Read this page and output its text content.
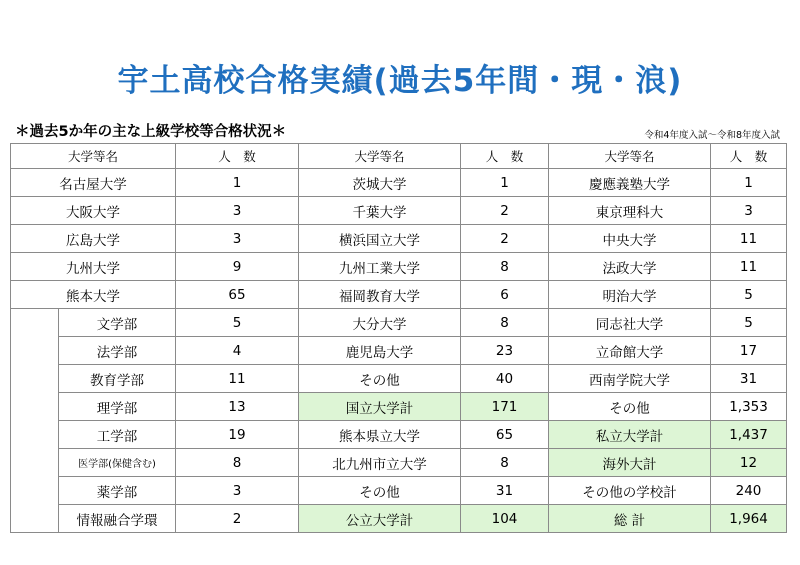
宇土高校合格実績(過去5年間・現・浪)
＊過去5か年の主な上級学校等合格状況＊	令和4年度入試～令和8年度入試
大学等名		人　数	大学等名	人　数	大学等名	人　数
名古屋大学		1	茨城大学	1	慶應義塾大学	1
大阪大学		3	千葉大学	2	東京理科大	3
広島大学		3	横浜国立大学	2	中央大学	11
九州大学		9	九州工業大学	8	法政大学	11
熊本大学		65	福岡教育大学	6	明治大学	5
	文学部	5	大分大学	8	同志社大学	5
	法学部	4	鹿児島大学	23	立命館大学	17
	教育学部	11	その他	40	西南学院大学	31
	理学部	13	国立大学計	171	その他	1,353
	工学部	19	熊本県立大学	65	私立大学計	1,437
	医学部(保健含む)	8	北九州市立大学	8	海外大計	12
	薬学部	3	その他	31	その他の学校計	240
	情報融合学環	2	公立大学計	104	総 計	1,964
